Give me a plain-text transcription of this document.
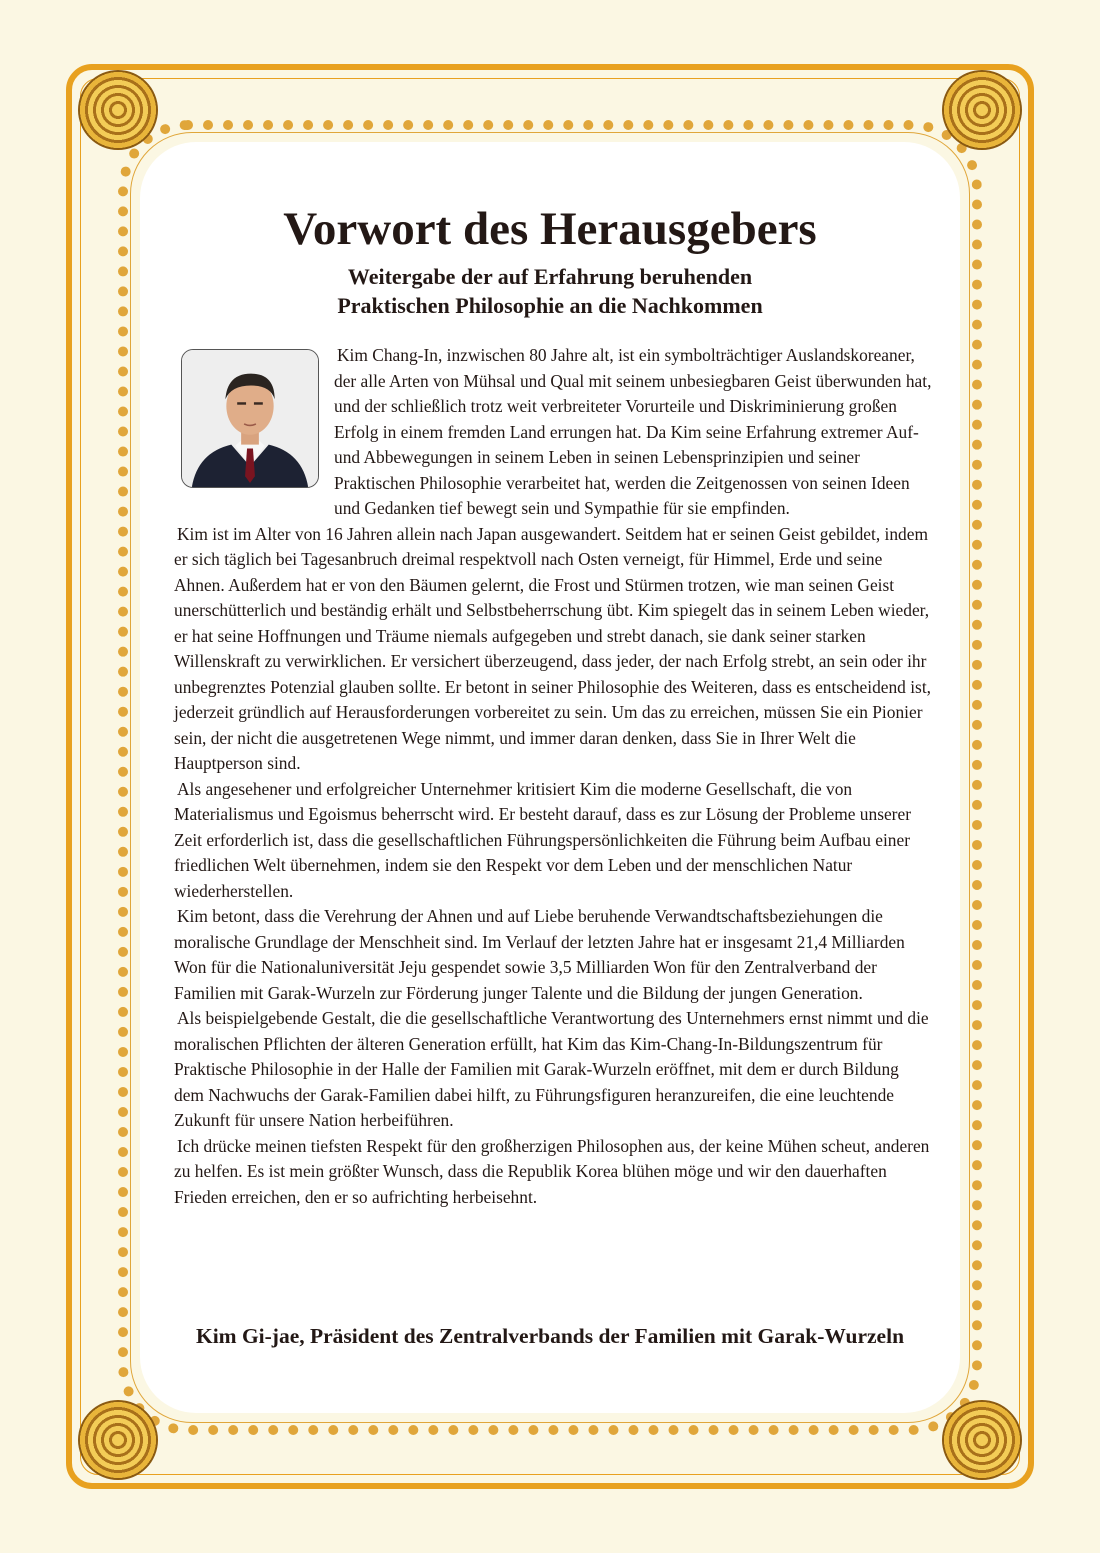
Vorwort des Herausgebers
Weitergabe der auf Erfahrung beruhenden
Praktischen Philosophie an die Nachkommen

Kim Chang-In, inzwischen 80 Jahre alt, ist ein symbolträchtiger Auslandskoreaner, der alle Arten von Mühsal und Qual mit seinem unbesiegbaren Geist überwunden hat, und der schließlich trotz weit verbreiteter Vorurteile und Diskriminierung großen Erfolg in einem fremden Land errungen hat. Da Kim seine Erfahrung extremer Auf- und Abbewegungen in seinem Leben in seinen Lebensprinzipien und seiner Praktischen Philosophie verarbeitet hat, werden die Zeitgenossen von seinen Ideen und Gedanken tief bewegt sein und Sympathie für sie empfinden.

Kim ist im Alter von 16 Jahren allein nach Japan ausgewandert. Seitdem hat er seinen Geist gebildet, indem er sich täglich bei Tagesanbruch dreimal respektvoll nach Osten verneigt, für Himmel, Erde und seine Ahnen. Außerdem hat er von den Bäumen gelernt, die Frost und Stürmen trotzen, wie man seinen Geist unerschütterlich und beständig erhält und Selbstbeherrschung übt. Kim spiegelt das in seinem Leben wieder, er hat seine Hoffnungen und Träume niemals aufgegeben und strebt danach, sie dank seiner starken Willenskraft zu verwirklichen. Er versichert überzeugend, dass jeder, der nach Erfolg strebt, an sein oder ihr unbegrenztes Potenzial glauben sollte. Er betont in seiner Philosophie des Weiteren, dass es entscheidend ist, jederzeit gründlich auf Herausforderungen vorbereitet zu sein. Um das zu erreichen, müssen Sie ein Pionier sein, der nicht die ausgetretenen Wege nimmt, und immer daran denken, dass Sie in Ihrer Welt die Hauptperson sind.

Als angesehener und erfolgreicher Unternehmer kritisiert Kim die moderne Gesellschaft, die von Materialismus und Egoismus beherrscht wird. Er besteht darauf, dass es zur Lösung der Probleme unserer Zeit erforderlich ist, dass die gesellschaftlichen Führungspersönlichkeiten die Führung beim Aufbau einer friedlichen Welt übernehmen, indem sie den Respekt vor dem Leben und der menschlichen Natur wiederherstellen.

Kim betont, dass die Verehrung der Ahnen und auf Liebe beruhende Verwandtschaftsbeziehungen die moralische Grundlage der Menschheit sind. Im Verlauf der letzten Jahre hat er insgesamt 21,4 Milliarden Won für die Nationaluniversität Jeju gespendet sowie 3,5 Milliarden Won für den Zentralverband der Familien mit Garak-Wurzeln zur Förderung junger Talente und die Bildung der jungen Generation.

Als beispielgebende Gestalt, die die gesellschaftliche Verantwortung des Unternehmers ernst nimmt und die moralischen Pflichten der älteren Generation erfüllt, hat Kim das Kim-Chang-In-Bildungszentrum für Praktische Philosophie in der Halle der Familien mit Garak-Wurzeln eröffnet, mit dem er durch Bildung dem Nachwuchs der Garak-Familien dabei hilft, zu Führungsfiguren heranzureifen, die eine leuchtende Zukunft für unsere Nation herbeiführen.

Ich drücke meinen tiefsten Respekt für den großherzigen Philosophen aus, der keine Mühen scheut, anderen zu helfen. Es ist mein größter Wunsch, dass die Republik Korea blühen möge und wir den dauerhaften Frieden erreichen, den er so aufrichting herbeisehnt.

Kim Gi-jae, Präsident des Zentralverbands der Familien mit Garak-Wurzeln
